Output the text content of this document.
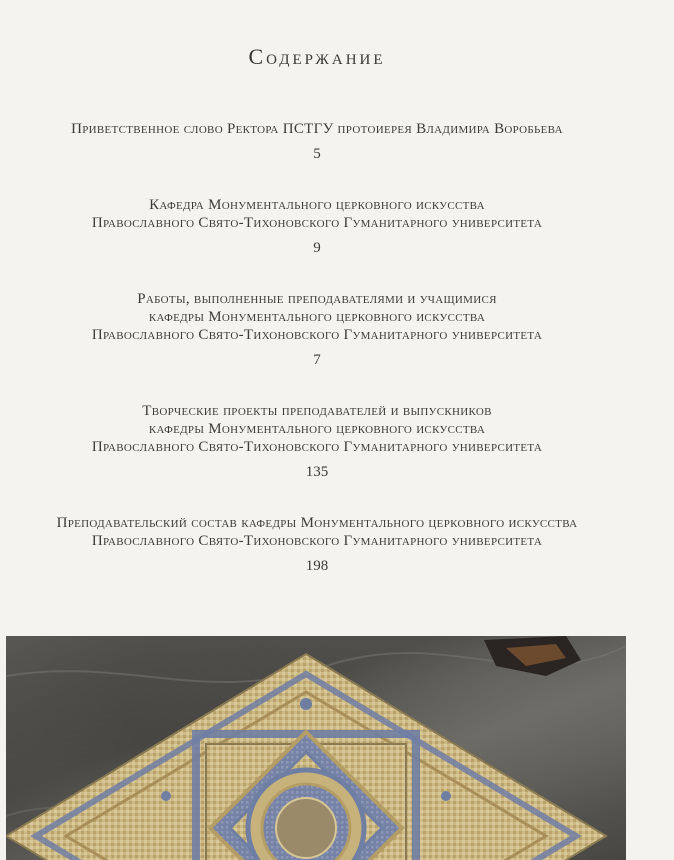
Содержание
Приветственное слово Ректора ПСТГУ протоиерея Владимира Воробьева
5
Кафедра Монументального церковного искусства
Православного Свято-Тихоновского Гуманитарного университета
9
Работы, выполненные преподавателями и учащимися
кафедры Монументального церковного искусства
Православного Свято-Тихоновского Гуманитарного университета
7
Творческие проекты преподавателей и выпускников
кафедры Монументального церковного искусства
Православного Свято-Тихоновского Гуманитарного университета
135
Преподавательский состав кафедры Монументального церковного искусства
Православного Свято-Тихоновского Гуманитарного университета
198
